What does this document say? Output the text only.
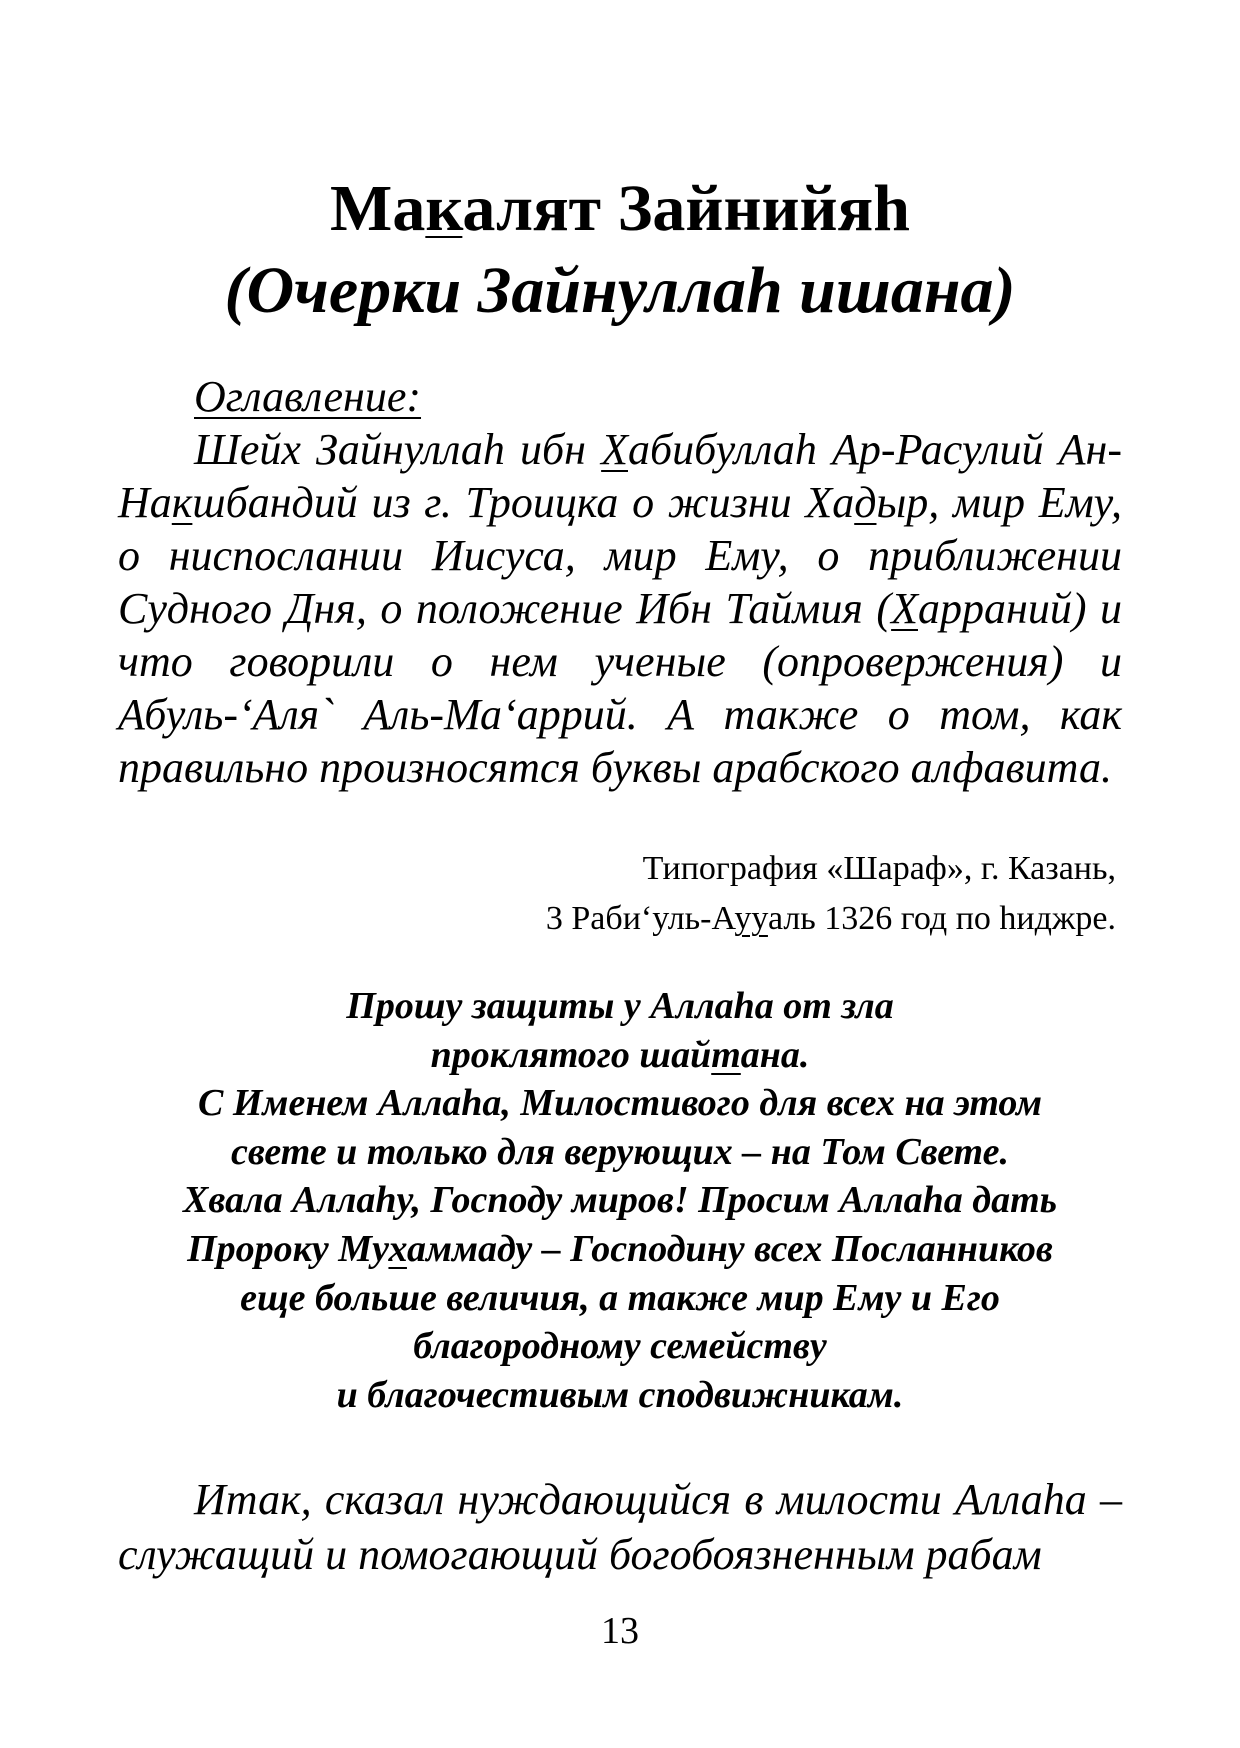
Макалят Зайнийяh
(Очерки Зайнуллаh ишана)
Оглавление:

Шейх Зайнуллаh ибн Хабибуллаh Ар-Расулий Ан-Накшбандий из г. Троицка о жизни Хадыр, мир Ему, о ниспослании Иисуса, мир Ему, о приближении Судного Дня, о положение Ибн Таймия (Харраний) и что говорили о нем ученые (опровержения) и Абуль-‘Аля` Аль-Ма‘аррий. А также о том, как правильно произносятся буквы арабского алфавита.

Типография «Шараф», г. Казань,
3 Раби‘уль-Аууаль 1326 год по hиджре.
Прошу защиты у Аллаhа от зла
проклятого шайтана.
С Именем Аллаhа, Милостивого для всех на этом
свете и только для верующих – на Том Свете.
Хвала Аллаhу, Господу миров! Просим Аллаhа дать
Пророку Мухаммаду – Господину всех Посланников
еще больше величия, а также мир Ему и Его
благородному семейству
и благочестивым сподвижникам.

Итак, сказал нуждающийся в милости Аллаhа – служащий и помогающий богобоязненным рабам

13
